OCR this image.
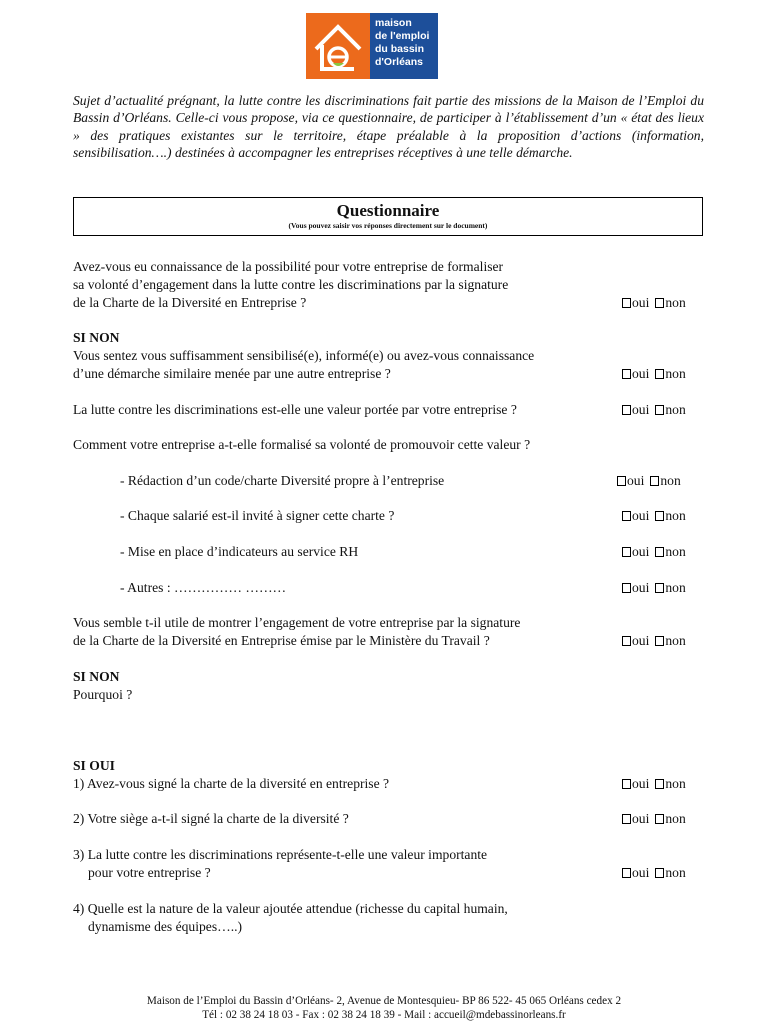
maison
de l'emploi
du bassin
d'Orléans
Sujet d’actualité prégnant, la lutte contre les discriminations fait partie des missions de la Maison de l’Emploi du Bassin d’Orléans. Celle-ci vous propose, via ce questionnaire, de participer à l’établissement d’un « état des lieux » des pratiques existantes sur le territoire, étape préalable à la proposition d’actions (information, sensibilisation….) destinées à accompagner les entreprises réceptives à une telle démarche.
Questionnaire
(Vous pouvez saisir vos réponses directement sur le document)
Avez-vous eu connaissance de la possibilité pour votre entreprise de formaliser
sa volonté d’engagement dans la lutte contre les discriminations par la signature
de la Charte de la Diversité en Entreprise ?	oui non
SI NON
Vous sentez vous suffisamment sensibilisé(e), informé(e) ou avez-vous connaissance
d’une démarche similaire menée par une autre entreprise ?	oui non
La lutte contre les discriminations est-elle une valeur portée par votre entreprise ?	oui non
Comment votre entreprise a-t-elle formalisé sa volonté de promouvoir cette valeur ?
- Rédaction d’un code/charte Diversité propre à l’entreprise	oui non
- Chaque salarié est-il invité à signer cette charte ?	oui non
- Mise en place d’indicateurs au service RH	oui non
- Autres : …………… ………	oui non
Vous semble t-il utile de montrer l’engagement de votre entreprise par la signature
de la Charte de la Diversité en Entreprise émise par le Ministère du Travail ?	oui non
SI NON
Pourquoi ?
SI OUI
1) Avez-vous signé la charte de la diversité en entreprise ?	oui non
2) Votre siège a-t-il signé la charte de la diversité ?	oui non
3) La lutte contre les discriminations représente-t-elle une valeur importante
pour votre entreprise ?	oui non
4) Quelle est la nature de la valeur ajoutée attendue (richesse du capital humain,
dynamisme des équipes…..)
Maison de l’Emploi du Bassin d’Orléans- 2, Avenue de Montesquieu- BP 86 522- 45 065 Orléans cedex 2
Tél : 02 38 24 18 03 - Fax : 02 38 24 18 39 - Mail : accueil@mdebassinorleans.fr
